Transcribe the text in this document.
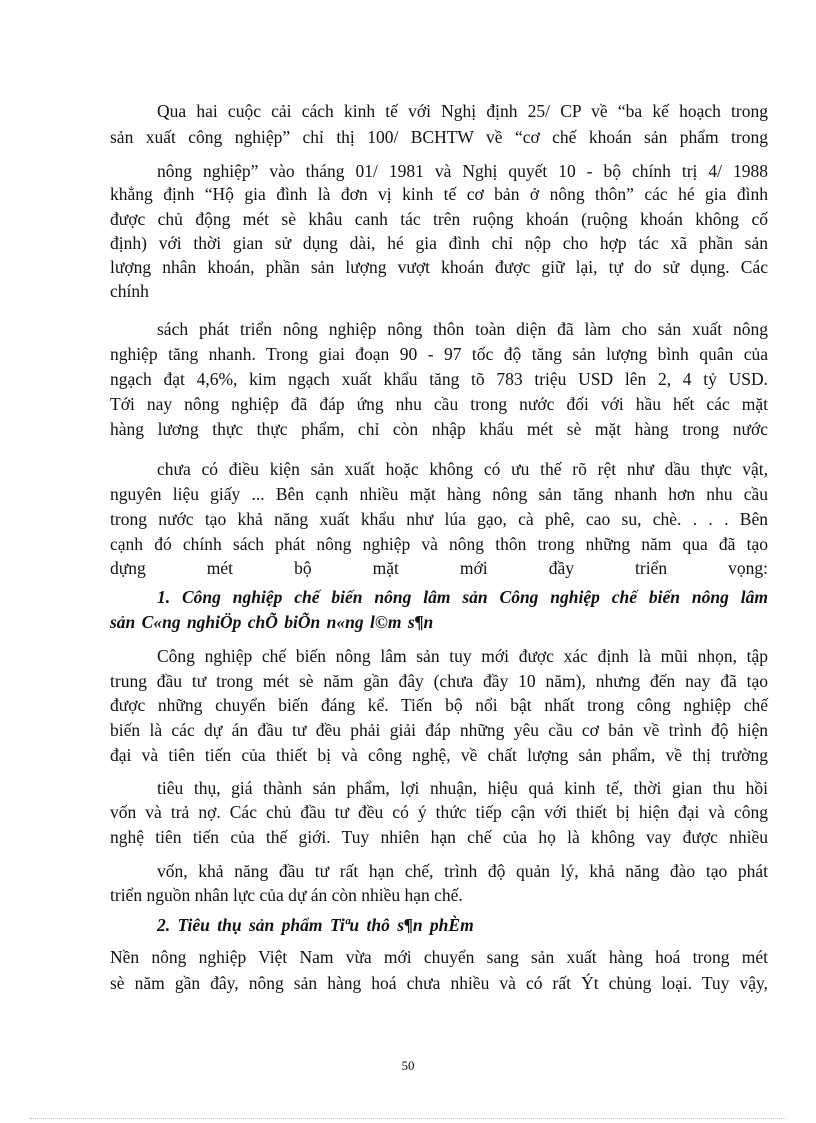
Qua hai cuộc cải cách kinh tế với Nghị định 25/ CP về “ba kế hoạch trong

sản xuất công nghiệp” chỉ thị 100/ BCHTW về “cơ chế khoán sản phẩm trong

nông nghiệp” vào tháng 01/ 1981 và Nghị quyết 10 - bộ chính trị 4/ 1988

khẳng định “Hộ gia đình là đơn vị kinh tế cơ bản ở nông thôn” các hé gia đình

được chủ động mét sè khâu canh tác trên ruộng khoán (ruộng khoán không cố

định) với thời gian sử dụng dài, hé gia đình chỉ nộp cho hợp tác xã phần sản

lượng nhân khoán, phần sản lượng vượt khoán được giữ lại, tự do sử dụng. Các

chính

sách phát triển nông nghiệp nông thôn toàn diện đã làm cho sản xuất nông

nghiệp tăng nhanh. Trong giai đoạn 90 - 97 tốc độ tăng sản lượng bình quân của

ngạch đạt 4,6%, kim ngạch xuất khẩu tăng tõ 783 triệu USD lên 2, 4 tỷ USD.

Tới nay nông nghiệp đã đáp ứng nhu cầu trong nước đối với hầu hết các mặt

hàng lương thực thực phẩm, chỉ còn nhập khẩu mét sè mặt hàng trong nước

chưa có điều kiện sản xuất hoặc không có ưu thế rõ rệt như dầu thực vật,

nguyên liệu giấy ... Bên cạnh nhiều mặt hàng nông sản tăng nhanh hơn nhu cầu

trong nước tạo khả năng xuất khẩu như lúa gạo, cà phê, cao su, chè. . . . Bên

cạnh đó chính sách phát nông nghiệp và nông thôn trong những năm qua đã tạo

dựng mét bộ mặt mới đầy triển vọng:

1. Công nghiệp chế biến nông lâm sản Công nghiệp chế biến nông lâm

sản C«ng nghiÖp chÕ biÕn n«ng l©m s¶n

Công nghiệp chế biến nông lâm sản tuy mới được xác định là mũi nhọn, tập

trung đầu tư trong mét sè năm gần đây (chưa đầy 10 năm), nhưng đến nay đã tạo

được những chuyển biến đáng kể. Tiến bộ nổi bật nhất trong công nghiệp chế

biến là các dự án đầu tư đều phải giải đáp những yêu cầu cơ bản về trình độ hiện

đại và tiên tiến của thiết bị và công nghệ, về chất lượng sản phẩm, về thị trường

tiêu thụ, giá thành sản phẩm, lợi nhuận, hiệu quả kinh tế, thời gian thu hồi

vốn và trả nợ. Các chủ đầu tư đều có ý thức tiếp cận với thiết bị hiện đại và công

nghệ tiên tiến của thế giới. Tuy nhiên hạn chế của họ là không vay được nhiều

vốn, khả năng đầu tư rất hạn chế, trình độ quản lý, khả năng đào tạo phát

triển nguồn nhân lực của dự án còn nhiều hạn chế.

2. Tiêu thụ sản phẩm Tiªu thô s¶n phÈm

Nền nông nghiệp Việt Nam vừa mới chuyển sang sản xuất hàng hoá trong mét

sè năm gần đây, nông sản hàng hoá chưa nhiều và có rất Ýt chủng loại. Tuy vậy,

50
